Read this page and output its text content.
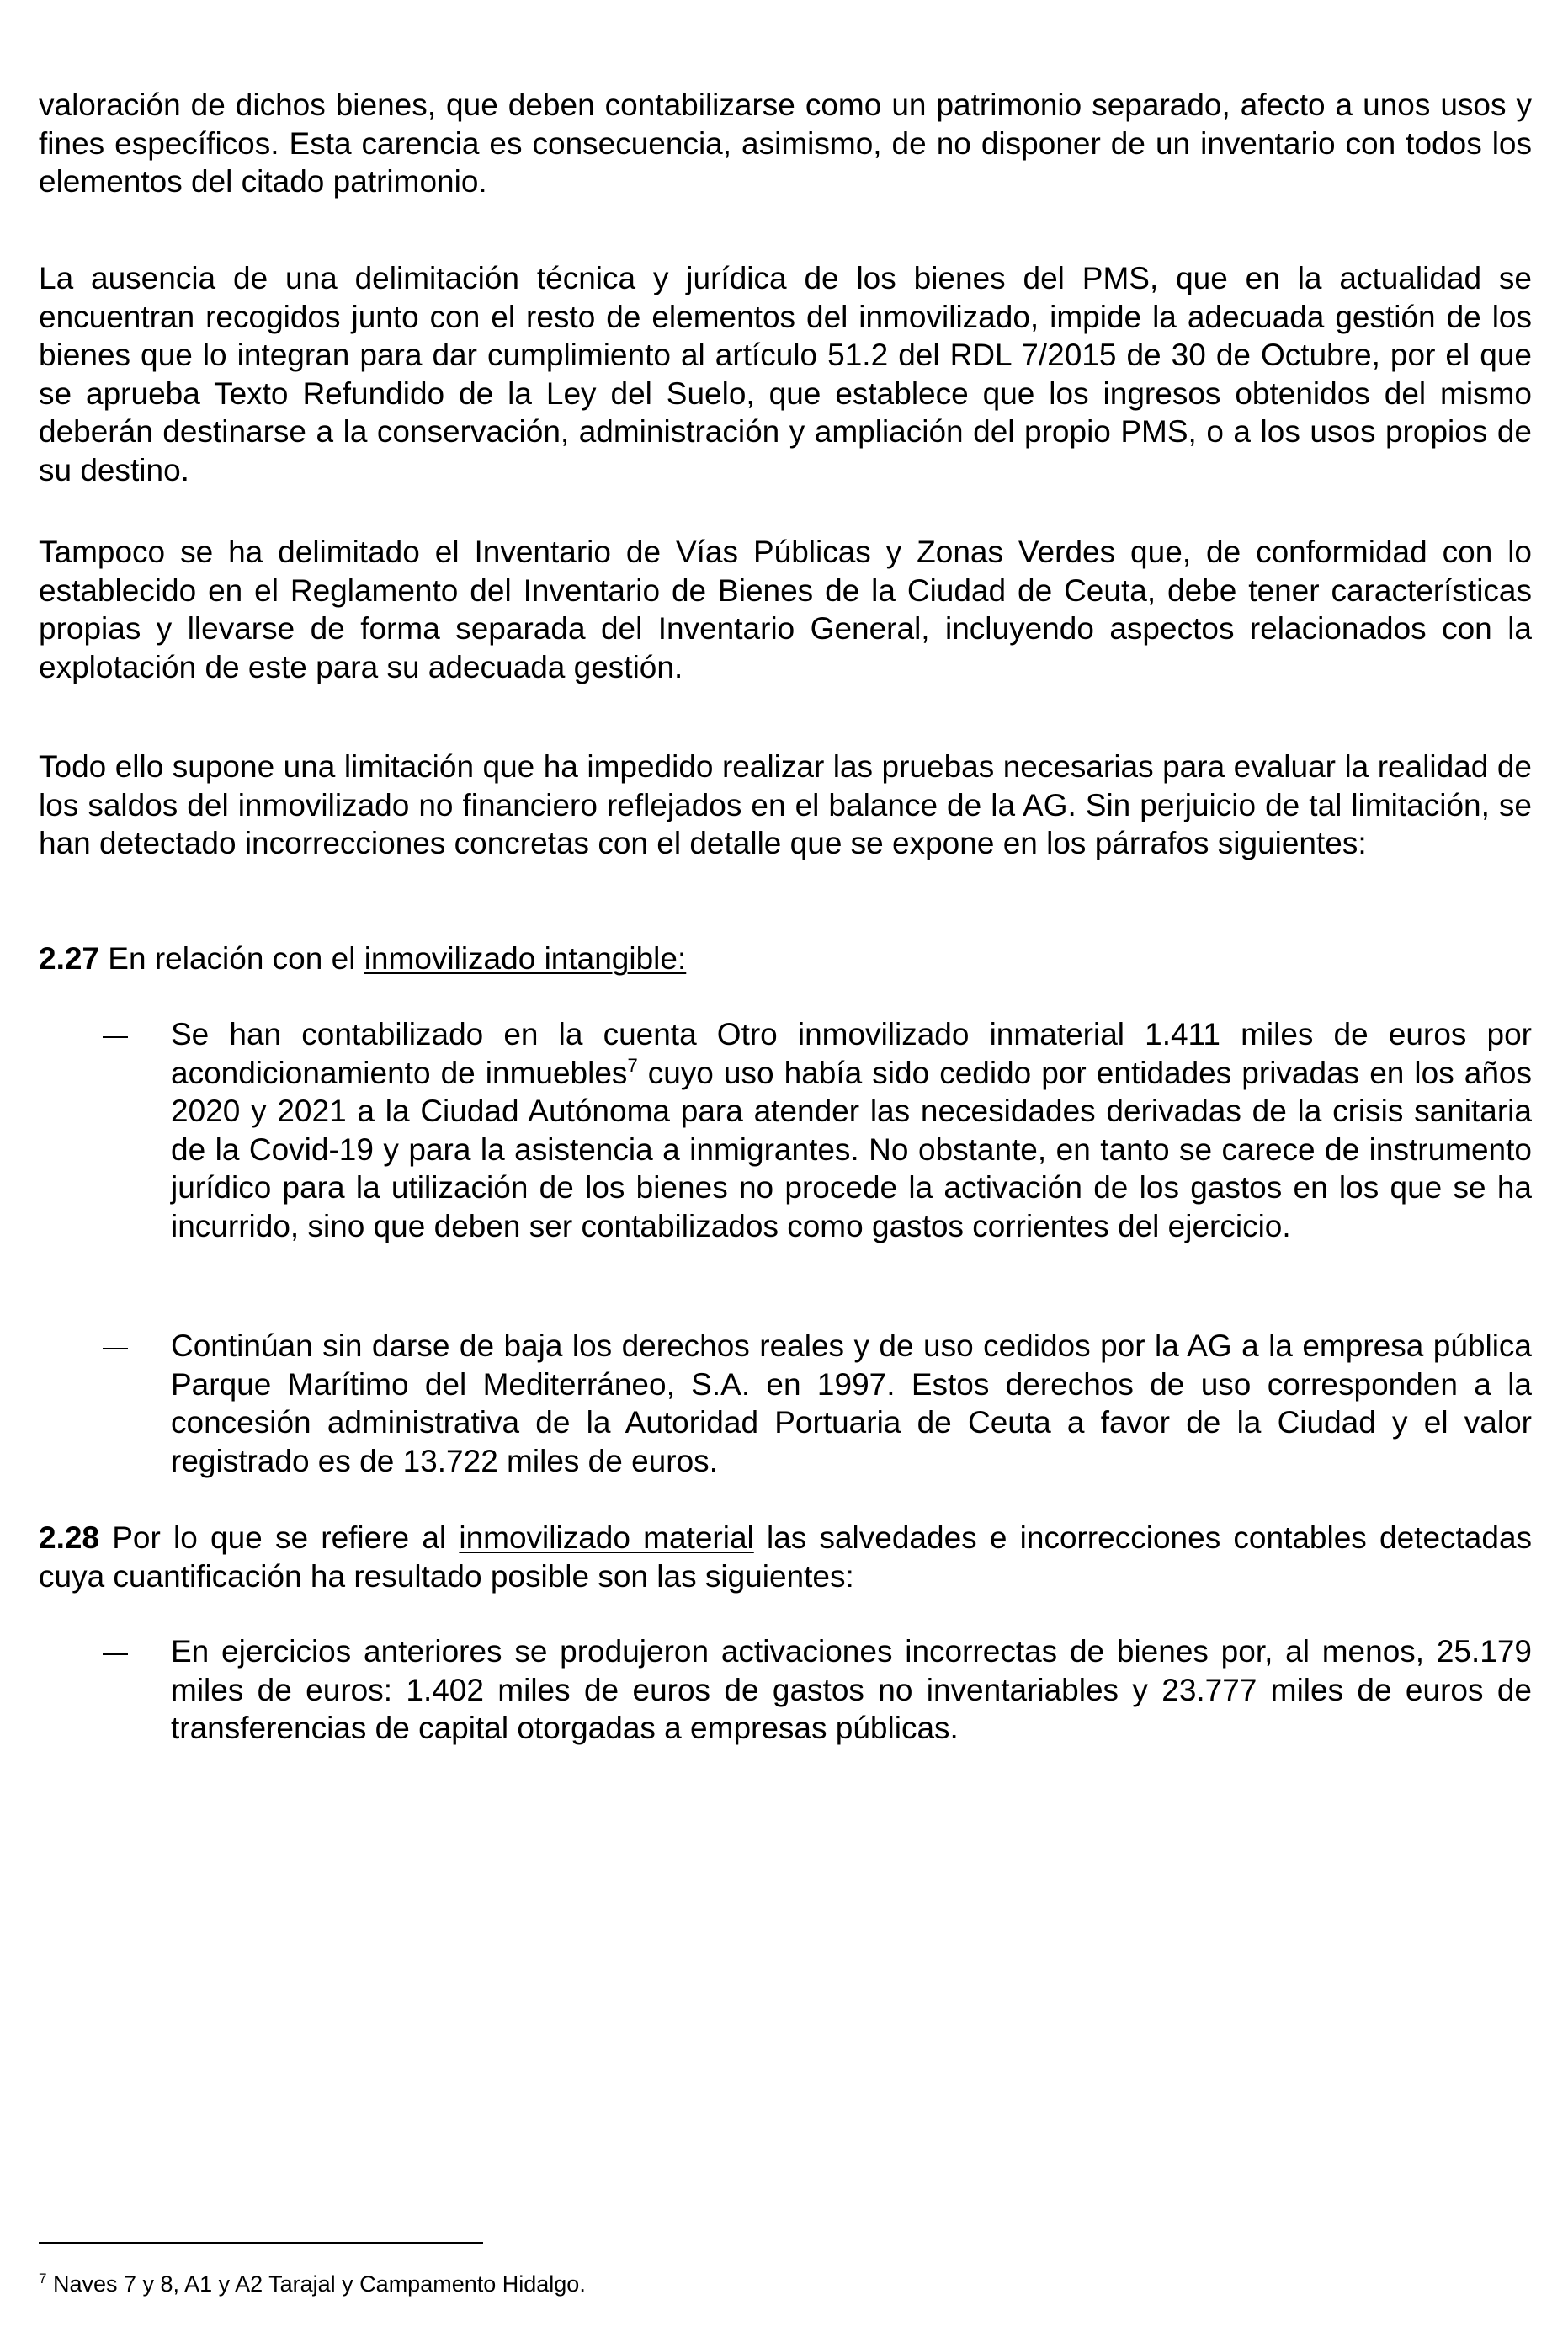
valoración de dichos bienes, que deben contabilizarse como un patrimonio separado, afecto a unos usos y fines específicos. Esta carencia es consecuencia, asimismo, de no disponer de un inventario con todos los elementos del citado patrimonio.

La ausencia de una delimitación técnica y jurídica de los bienes del PMS, que en la actualidad se encuentran recogidos junto con el resto de elementos del inmovilizado, impide la adecuada gestión de los bienes que lo integran para dar cumplimiento al artículo 51.2 del RDL 7/2015 de 30 de Octubre, por el que se aprueba Texto Refundido de la Ley del Suelo, que establece que los ingresos obtenidos del mismo deberán destinarse a la conservación, administración y ampliación del propio PMS, o a los usos propios de su destino.

Tampoco se ha delimitado el Inventario de Vías Públicas y Zonas Verdes que, de conformidad con lo establecido en el Reglamento del Inventario de Bienes de la Ciudad de Ceuta, debe tener características propias y llevarse de forma separada del Inventario General, incluyendo aspectos relacionados con la explotación de este para su adecuada gestión.

Todo ello supone una limitación que ha impedido realizar las pruebas necesarias para evaluar la realidad de los saldos del inmovilizado no financiero reflejados en el balance de la AG. Sin perjuicio de tal limitación, se han detectado incorrecciones concretas con el detalle que se expone en los párrafos siguientes:

2.27 En relación con el inmovilizado intangible:

Se han contabilizado en la cuenta Otro inmovilizado inmaterial 1.411 miles de euros por acondicionamiento de inmuebles$^7$ cuyo uso había sido cedido por entidades privadas en los años 2020 y 2021 a la Ciudad Autónoma para atender las necesidades derivadas de la crisis sanitaria de la Covid-19 y para la asistencia a inmigrantes. No obstante, en tanto se carece de instrumento jurídico para la utilización de los bienes no procede la activación de los gastos en los que se ha incurrido, sino que deben ser contabilizados como gastos corrientes del ejercicio.

Continúan sin darse de baja los derechos reales y de uso cedidos por la AG a la empresa pública Parque Marítimo del Mediterráneo, S.A. en 1997. Estos derechos de uso corresponden a la concesión administrativa de la Autoridad Portuaria de Ceuta a favor de la Ciudad y el valor registrado es de 13.722 miles de euros.

2.28 Por lo que se refiere al inmovilizado material las salvedades e incorrecciones contables detectadas cuya cuantificación ha resultado posible son las siguientes:

En ejercicios anteriores se produjeron activaciones incorrectas de bienes por, al menos, 25.179 miles de euros: 1.402 miles de euros de gastos no inventariables y 23.777 miles de euros de transferencias de capital otorgadas a empresas públicas.

$^7$ Naves 7 y 8, A1 y A2 Tarajal y Campamento Hidalgo.
